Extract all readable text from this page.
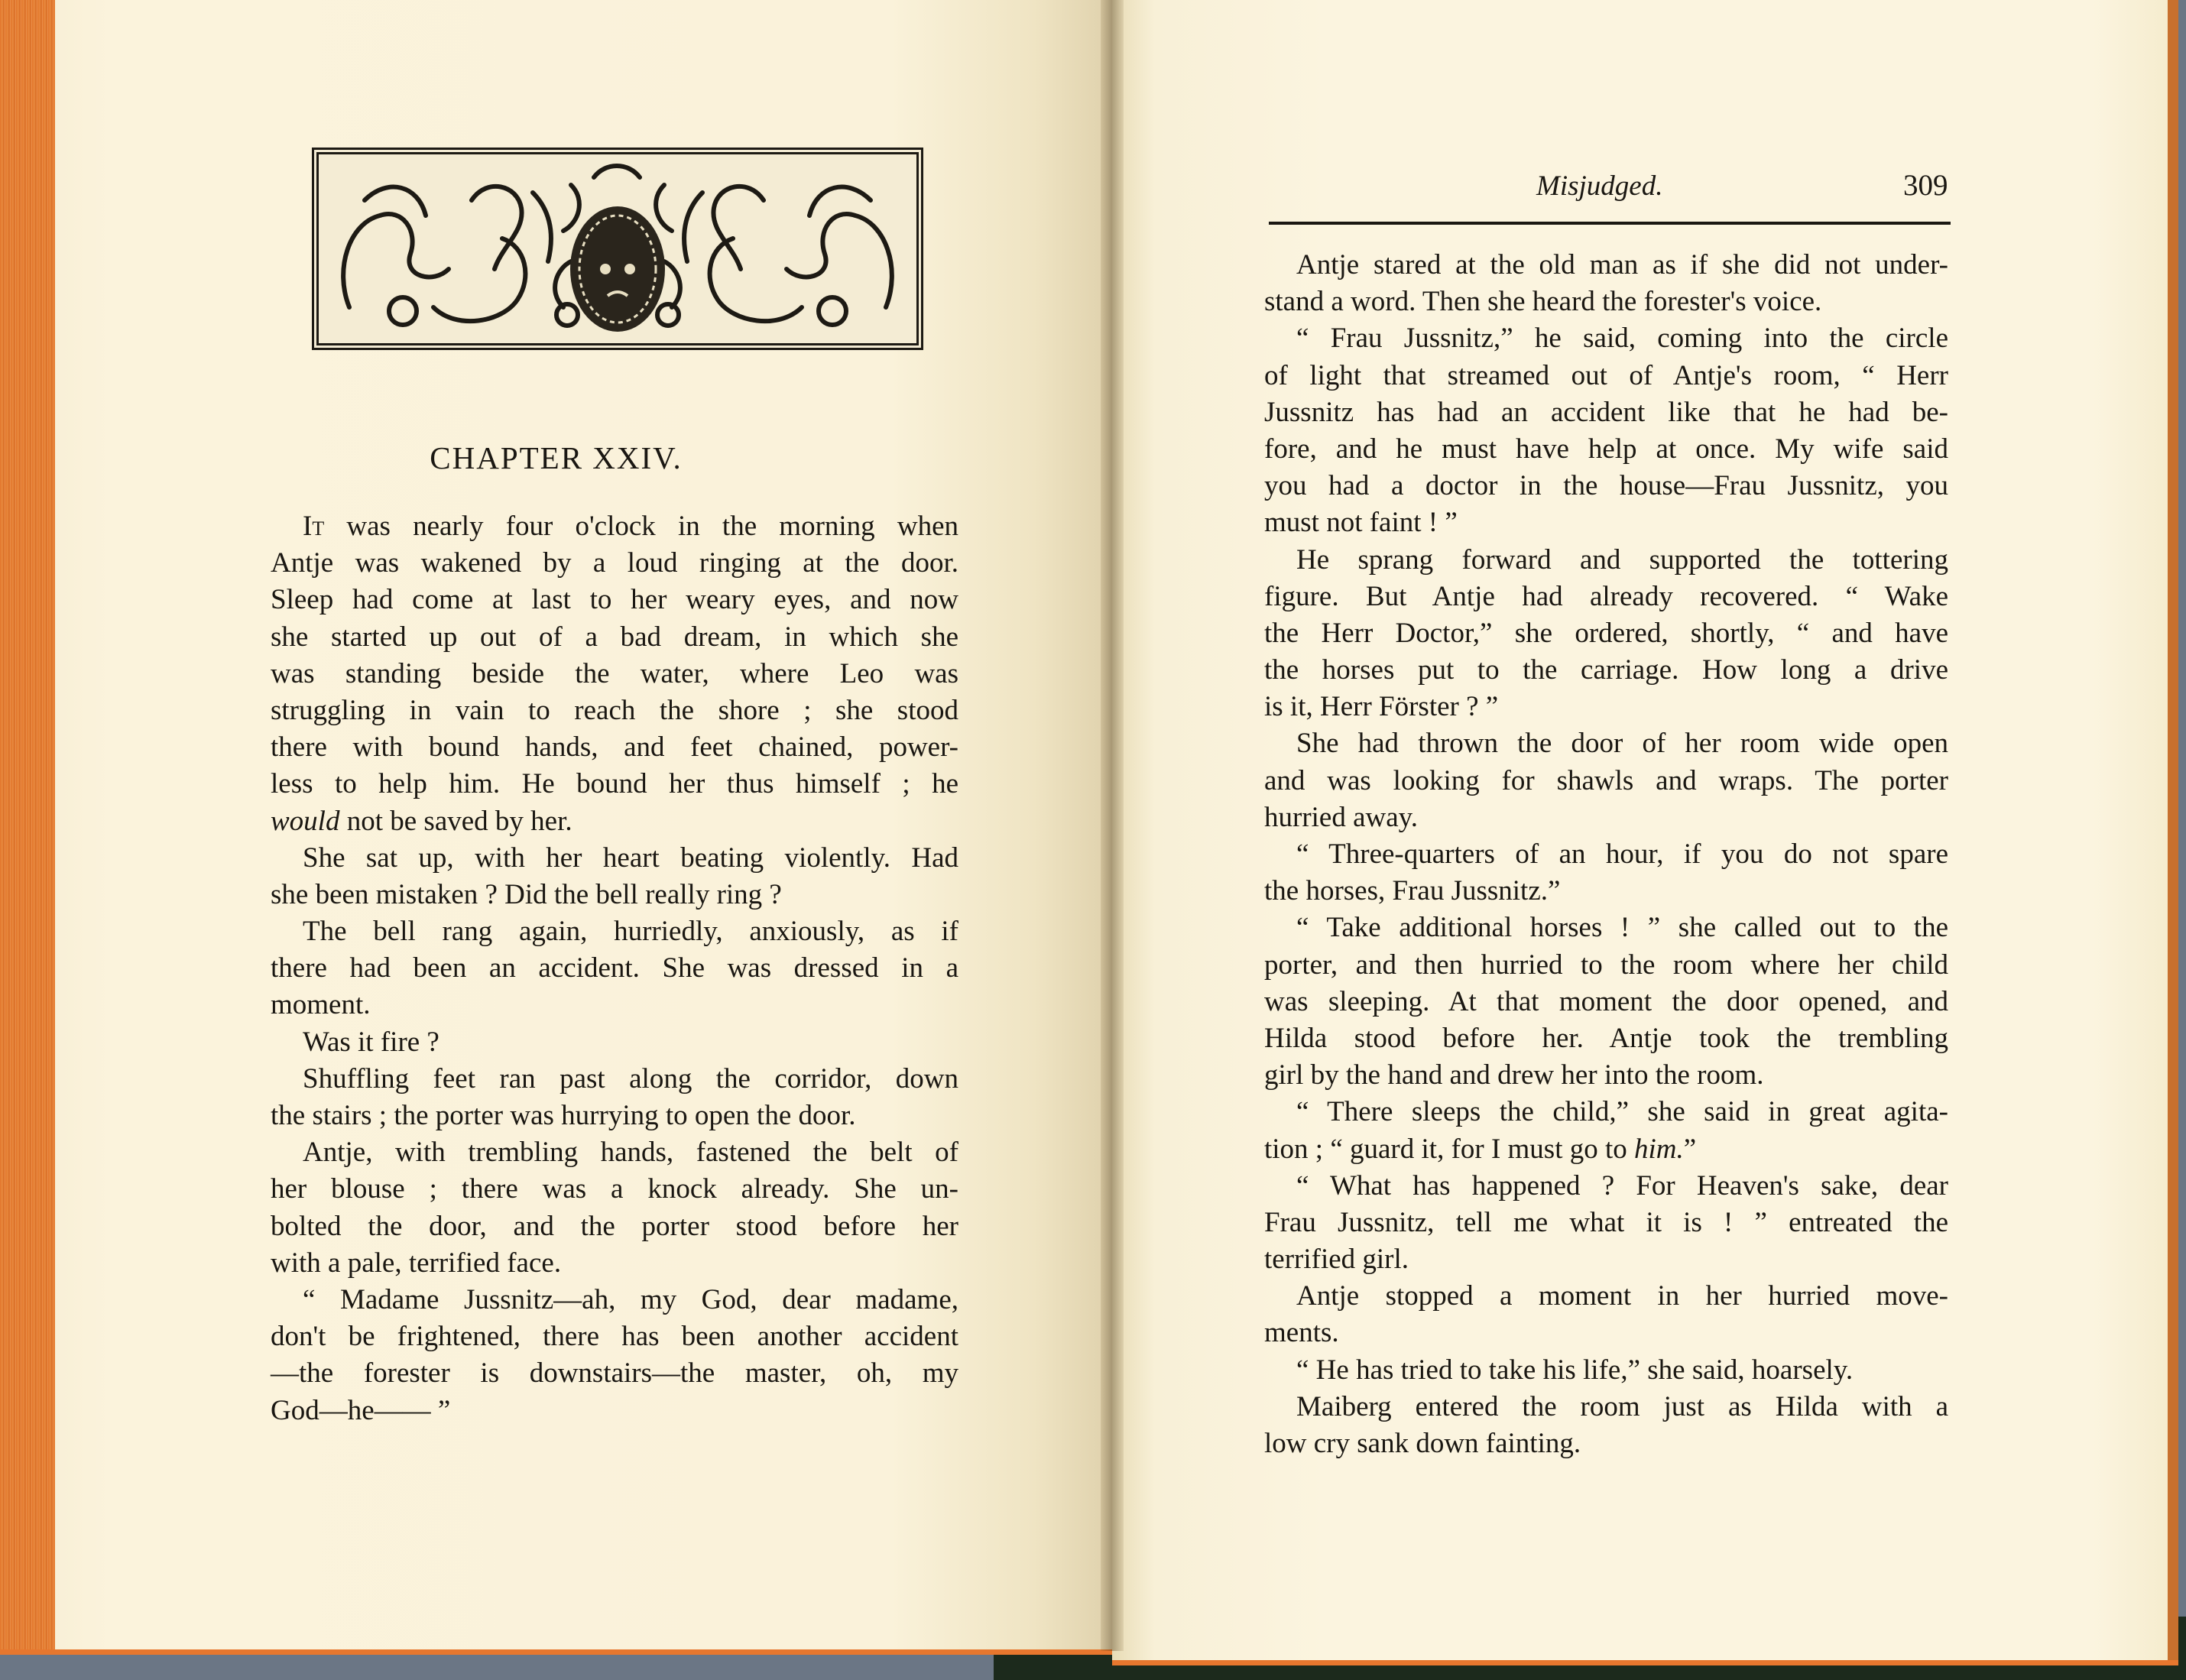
CHAPTER XXIV.
It was nearly four o'clock in the morning when
Antje was wakened by a loud ringing at the door.
Sleep had come at last to her weary eyes, and now
she started up out of a bad dream, in which she
was standing beside the water, where Leo was
struggling in vain to reach the shore ; she stood
there with bound hands, and feet chained, power-
less to help him. He bound her thus himself ; he
would not be saved by her.
She sat up, with her heart beating violently. Had
she been mistaken ? Did the bell really ring ?
The bell rang again, hurriedly, anxiously, as if
there had been an accident. She was dressed in a
moment.
Was it fire ?
Shuffling feet ran past along the corridor, down
the stairs ; the porter was hurrying to open the door.
Antje, with trembling hands, fastened the belt of
her blouse ; there was a knock already. She un-
bolted the door, and the porter stood before her
with a pale, terrified face.
“ Madame Jussnitz—ah, my God, dear madame,
don't be frightened, there has been another accident
—the forester is downstairs—the master, oh, my
God—he—— ”
Misjudged.	309
Antje stared at the old man as if she did not under-
stand a word. Then she heard the forester's voice.
“ Frau Jussnitz,” he said, coming into the circle
of light that streamed out of Antje's room, “ Herr
Jussnitz has had an accident like that he had be-
fore, and he must have help at once. My wife said
you had a doctor in the house—Frau Jussnitz, you
must not faint ! ”
He sprang forward and supported the tottering
figure. But Antje had already recovered. “ Wake
the Herr Doctor,” she ordered, shortly, “ and have
the horses put to the carriage. How long a drive
is it, Herr Förster ? ”
She had thrown the door of her room wide open
and was looking for shawls and wraps. The porter
hurried away.
“ Three-quarters of an hour, if you do not spare
the horses, Frau Jussnitz.”
“ Take additional horses ! ” she called out to the
porter, and then hurried to the room where her child
was sleeping. At that moment the door opened, and
Hilda stood before her. Antje took the trembling
girl by the hand and drew her into the room.
“ There sleeps the child,” she said in great agita-
tion ; “ guard it, for I must go to him.”
“ What has happened ? For Heaven's sake, dear
Frau Jussnitz, tell me what it is ! ” entreated the
terrified girl.
Antje stopped a moment in her hurried move-
ments.
“ He has tried to take his life,” she said, hoarsely.
Maiberg entered the room just as Hilda with a
low cry sank down fainting.
